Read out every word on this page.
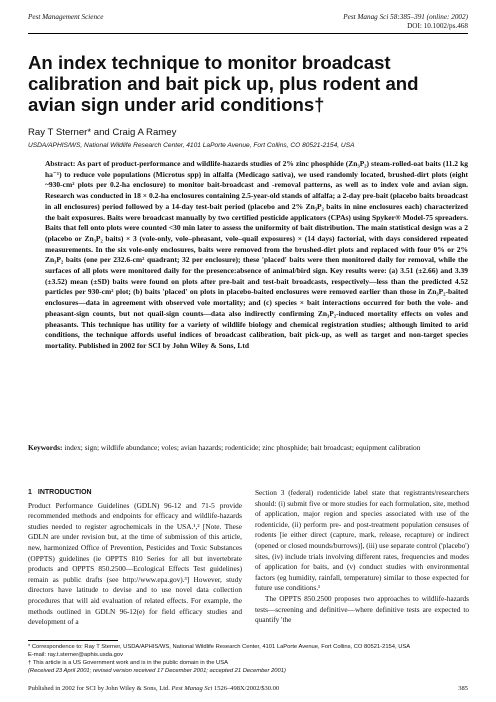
Pest Management Science	Pest Manag Sci 58:385–391 (online: 2002)
DOI: 10.1002/ps.468
An index technique to monitor broadcast calibration and bait pick up, plus rodent and avian sign under arid conditions†
Ray T Sterner* and Craig A Ramey
USDA/APHIS/WS, National Wildlife Research Center, 4101 LaPorte Avenue, Fort Collins, CO 80521-2154, USA
Abstract: As part of product-performance and wildlife-hazards studies of 2% zinc phosphide (Zn₃P₂) steam-rolled-oat baits (11.2 kg ha⁻¹) to reduce vole populations (Microtus spp) in alfalfa (Medicago sativa), we used randomly located, brushed-dirt plots (eight ~930-cm² plots per 0.2-ha enclosure) to monitor bait-broadcast and -removal patterns, as well as to index vole and avian sign. Research was conducted in 18 × 0.2-ha enclosures containing 2.5-year-old stands of alfalfa; a 2-day pre-bait (placebo baits broadcast in all enclosures) period followed by a 14-day test-bait period (placebo and 2% Zn₃P₂ baits in nine enclosures each) characterized the bait exposures. Baits were broadcast manually by two certified pesticide applicators (CPAs) using Spyker® Model-75 spreaders. Baits that fell onto plots were counted <30 min later to assess the uniformity of bait distribution. The main statistical design was a 2 (placebo or Zn₃P₂ baits) × 3 (vole-only, vole–pheasant, vole–quail exposures) × (14 days) factorial, with days considered repeated measurements. In the six vole-only enclosures, baits were removed from the brushed-dirt plots and replaced with four 0% or 2% Zn₃P₂ baits (one per 232.6-cm² quadrant; 32 per enclosure); these 'placed' baits were then monitored daily for removal, while the surfaces of all plots were monitored daily for the presence:absence of animal/bird sign. Key results were: (a) 3.51 (±2.66) and 3.39 (±3.52) mean (±SD) baits were found on plots after pre-bait and test-bait broadcasts, respectively—less than the predicted 4.52 particles per 930-cm² plot; (b) baits 'placed' on plots in placebo-baited enclosures were removed earlier than those in Zn₃P₂-baited enclosures—data in agreement with observed vole mortality; and (c) species × bait interactions occurred for both the vole- and pheasant-sign counts, but not quail-sign counts—data also indirectly confirming Zn₃P₂-induced mortality effects on voles and pheasants. This technique has utility for a variety of wildlife biology and chemical registration studies; although limited to arid conditions, the technique affords useful indices of broadcast calibration, bait pick-up, as well as target and non-target species mortality. Published in 2002 for SCI by John Wiley & Sons, Ltd
Keywords: index; sign; wildlife abundance; voles; avian hazards; rodenticide; zinc phosphide; bait broadcast; equipment calibration
1 INTRODUCTION
Product Performance Guidelines (GDLN) 96-12 and 71-5 provide recommended methods and endpoints for efficacy and wildlife-hazards studies needed to register agrochemicals in the USA.¹,² [Note. These GDLN are under revision but, at the time of submission of this article, new, harmonized Office of Prevention, Pesticides and Toxic Substances (OPPTS) guidelines (ie OPPTS 810 Series for all but invertebrate products and OPPTS 850.2500—Ecological Effects Test guidelines) remain as public drafts (see http://www.epa.gov).³] However, study directors have latitude to devise and to use novel data collection procedures that will aid evaluation of related effects. For example, the methods outlined in GDLN 96-12(e) for field efficacy studies and development of a
Section 3 (federal) rodenticide label state that registrants/researchers should: (i) submit five or more studies for each formulation, site, method of application, major region and species associated with use of the rodenticide, (ii) perform pre- and post-treatment population censuses of rodents [ie either direct (capture, mark, release, recapture) or indirect (opened or closed mounds/burrows)], (iii) use separate control ('placebo') sites, (iv) include trials involving different rates, frequencies and modes of application for baits, and (v) conduct studies with environmental factors (eg humidity, rainfall, temperature) similar to those expected for future use conditions.¹
The OPPTS 850.2500 proposes two approaches to wildlife-hazards tests—screening and definitive—where definitive tests are expected to quantify 'the
* Correspondence to: Ray T Sterner, USDA/APHIS/WS, National Wildlife Research Center, 4101 LaPorte Avenue, Fort Collins, CO 80521-2154, USA
E-mail: ray.t.sterner@aphis.usda.gov
† This article is a US Government work and is in the public domain in the USA
(Received 23 April 2001; revised version received 17 December 2001; accepted 21 December 2001)
Published in 2002 for SCI by John Wiley & Sons, Ltd. Pest Manag Sci 1526–498X/2002/$30.00	385
